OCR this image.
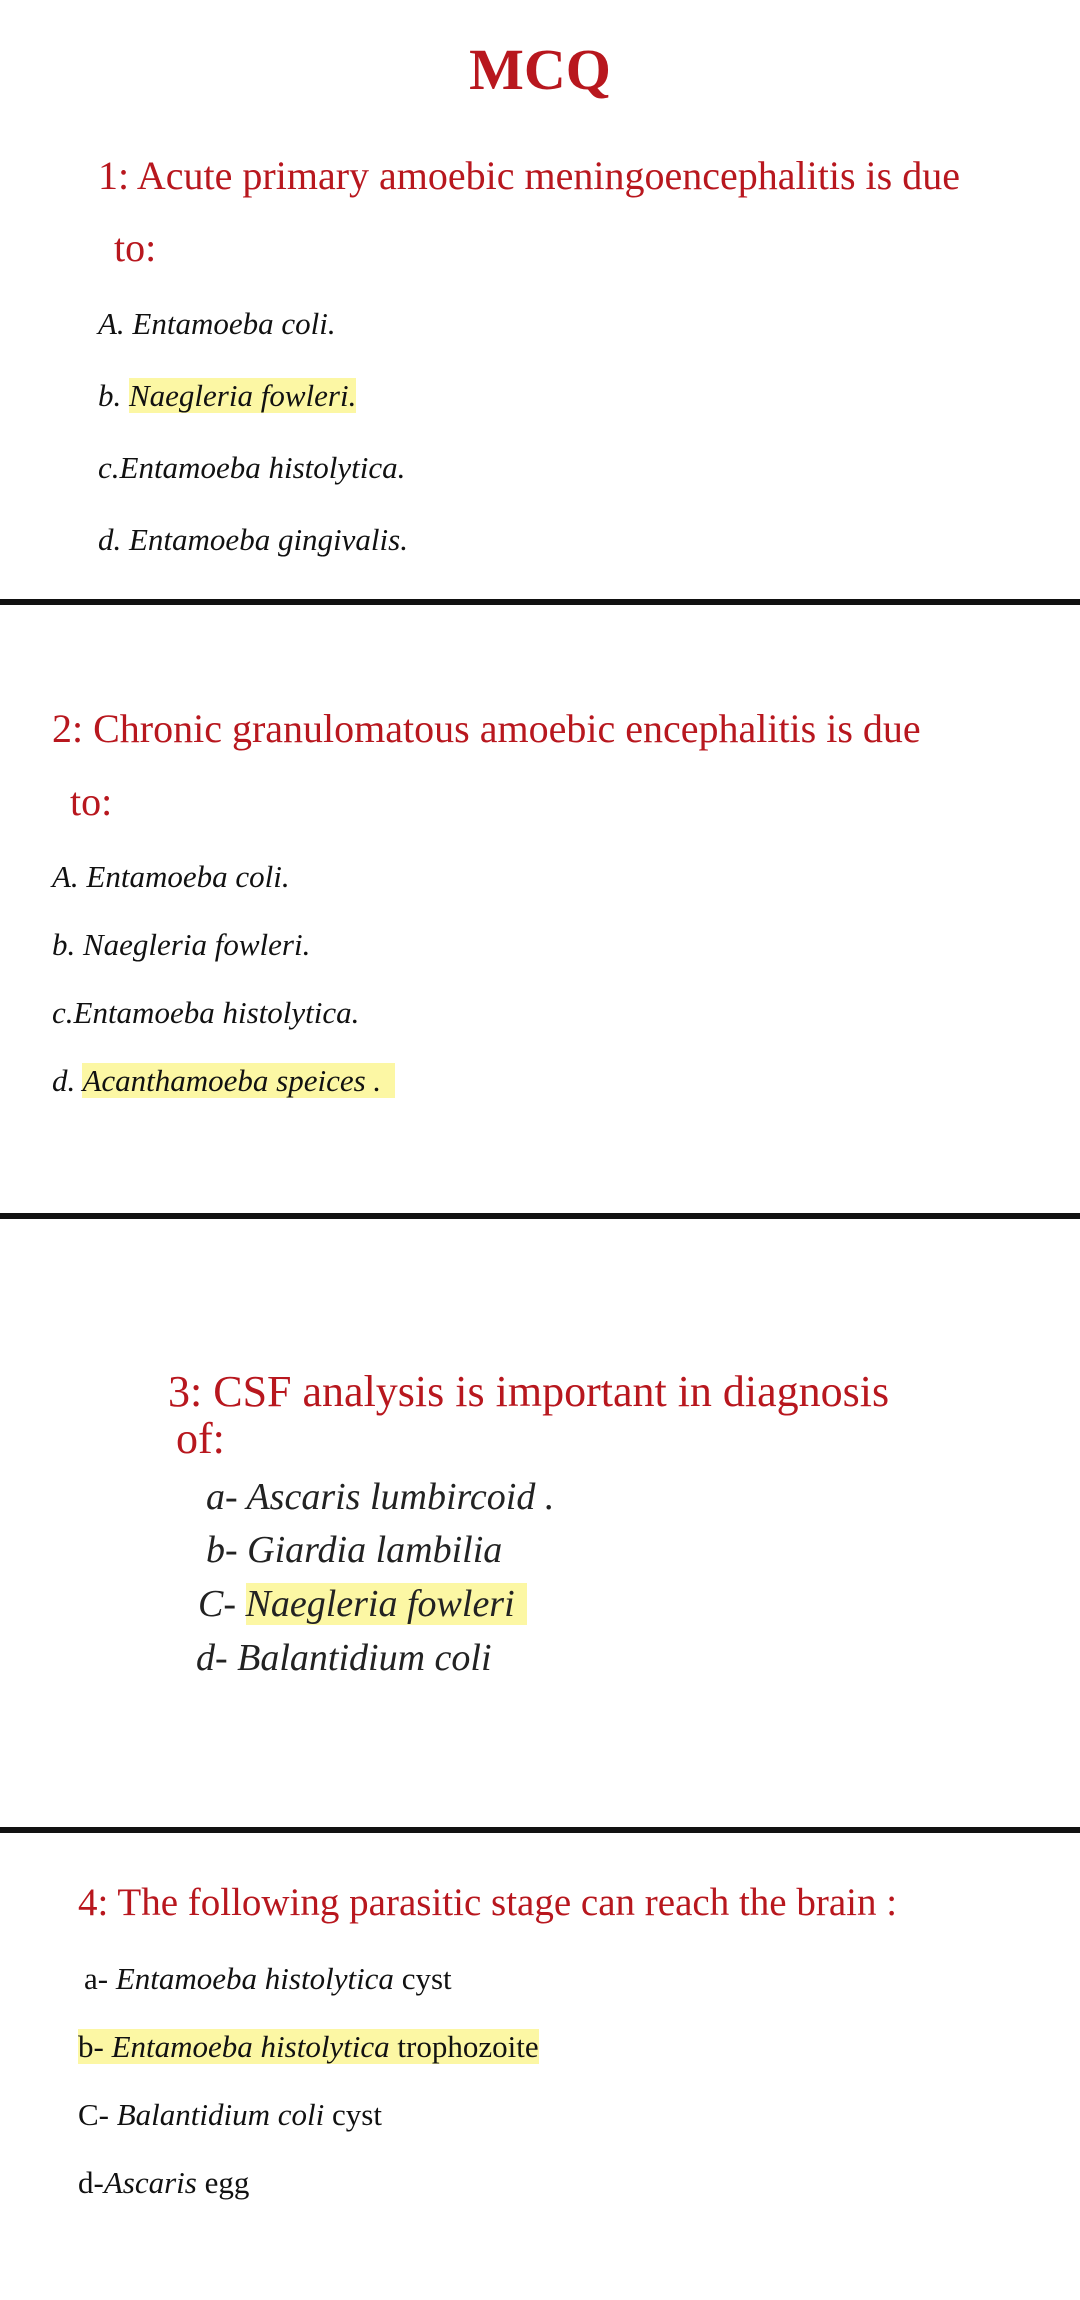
MCQ
1: Acute primary amoebic meningoencephalitis is due
to:
A. Entamoeba coli.
b. Naegleria fowleri.
c.Entamoeba histolytica.
d. Entamoeba gingivalis.
2: Chronic granulomatous amoebic encephalitis is due
to:
A. Entamoeba coli.
b. Naegleria fowleri.
c.Entamoeba histolytica.
d. Acanthamoeba speices .
3: CSF analysis is important in diagnosis
of:
a- Ascaris lumbircoid .
b- Giardia lambilia
C- Naegleria fowleri
d- Balantidium coli
4: The following parasitic stage can reach the brain :
a- Entamoeba histolytica cyst
b- Entamoeba histolytica trophozoite
C- Balantidium coli cyst
d-Ascaris egg
